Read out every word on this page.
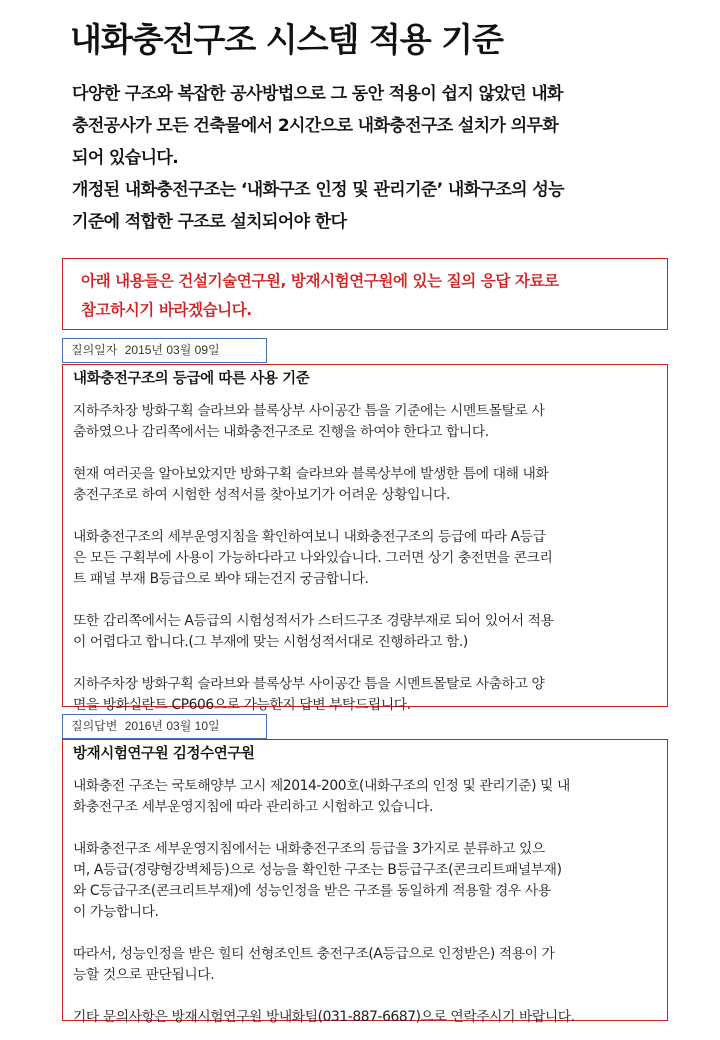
내화충전구조 시스템 적용 기준

다양한 구조와 복잡한 공사방법으로 그 동안 적용이 쉽지 않았던 내화

충전공사가 모든 건축물에서 2시간으로 내화충전구조 설치가 의무화

되어 있습니다.

개정된 내화충전구조는 ‘내화구조 인정 및 관리기준’ 내화구조의 성능

기준에 적합한 구조로 설치되어야 한다

아래 내용들은 건설기술연구원, 방재시험연구원에 있는 질의 응답 자료로
참고하시기 바라겠습니다.
질의일자 2015년 03월 09일
내화충전구조의 등급에 따른 사용 기준

지하주차장 방화구획 슬라브와 블록상부 사이공간 틈을 기준에는 시멘트몰탈로 사
춤하였으나 감리쪽에서는 내화충전구조로 진행을 하여야 한다고 합니다.

현재 여러곳을 알아보았지만 방화구획 슬라브와 블록상부에 발생한 틈에 대해 내화
충전구조로 하여 시험한 성적서를 찾아보기가 어려운 상황입니다.

내화충전구조의 세부운영지침을 확인하여보니 내화충전구조의 등급에 따라 A등급
은 모든 구획부에 사용이 가능하다라고 나와있습니다. 그러면 상기 충전면을 콘크리
트 패널 부재 B등급으로 봐야 돼는건지 궁금합니다.

또한 감리쪽에서는 A등급의 시험성적서가 스터드구조 경량부재로 되어 있어서 적용
이 어렵다고 합니다.(그 부재에 맞는 시험성적서대로 진행하라고 함.)

지하주차장 방화구획 슬라브와 블록상부 사이공간 틈을 시멘트몰탈로 사춤하고 양
면을 방화실란트 CP606으로 가능한지 답변 부탁드립니다.

질의답변 2016년 03월 10일
방재시험연구원 김정수연구원

내화충전 구조는 국토해양부 고시 제2014-200호(내화구조의 인정 및 관리기준) 및 내
화충전구조 세부운영지침에 따라 관리하고 시험하고 있습니다.

내화충전구조 세부운영지침에서는 내화충전구조의 등급을 3가지로 분류하고 있으
며, A등급(경량형강벽체등)으로 성능을 확인한 구조는 B등급구조(콘크리트패널부재)
와 C등급구조(콘크리트부재)에 성능인정을 받은 구조를 동일하게 적용할 경우 사용
이 가능합니다.

따라서, 성능인정을 받은 힐티 선형조인트 충전구조(A등급으로 인정받은) 적용이 가
능할 것으로 판단됩니다.

기타 문의사항은 방재시험연구원 방내화팀(031-887-6687)으로 연락주시기 바랍니다.
